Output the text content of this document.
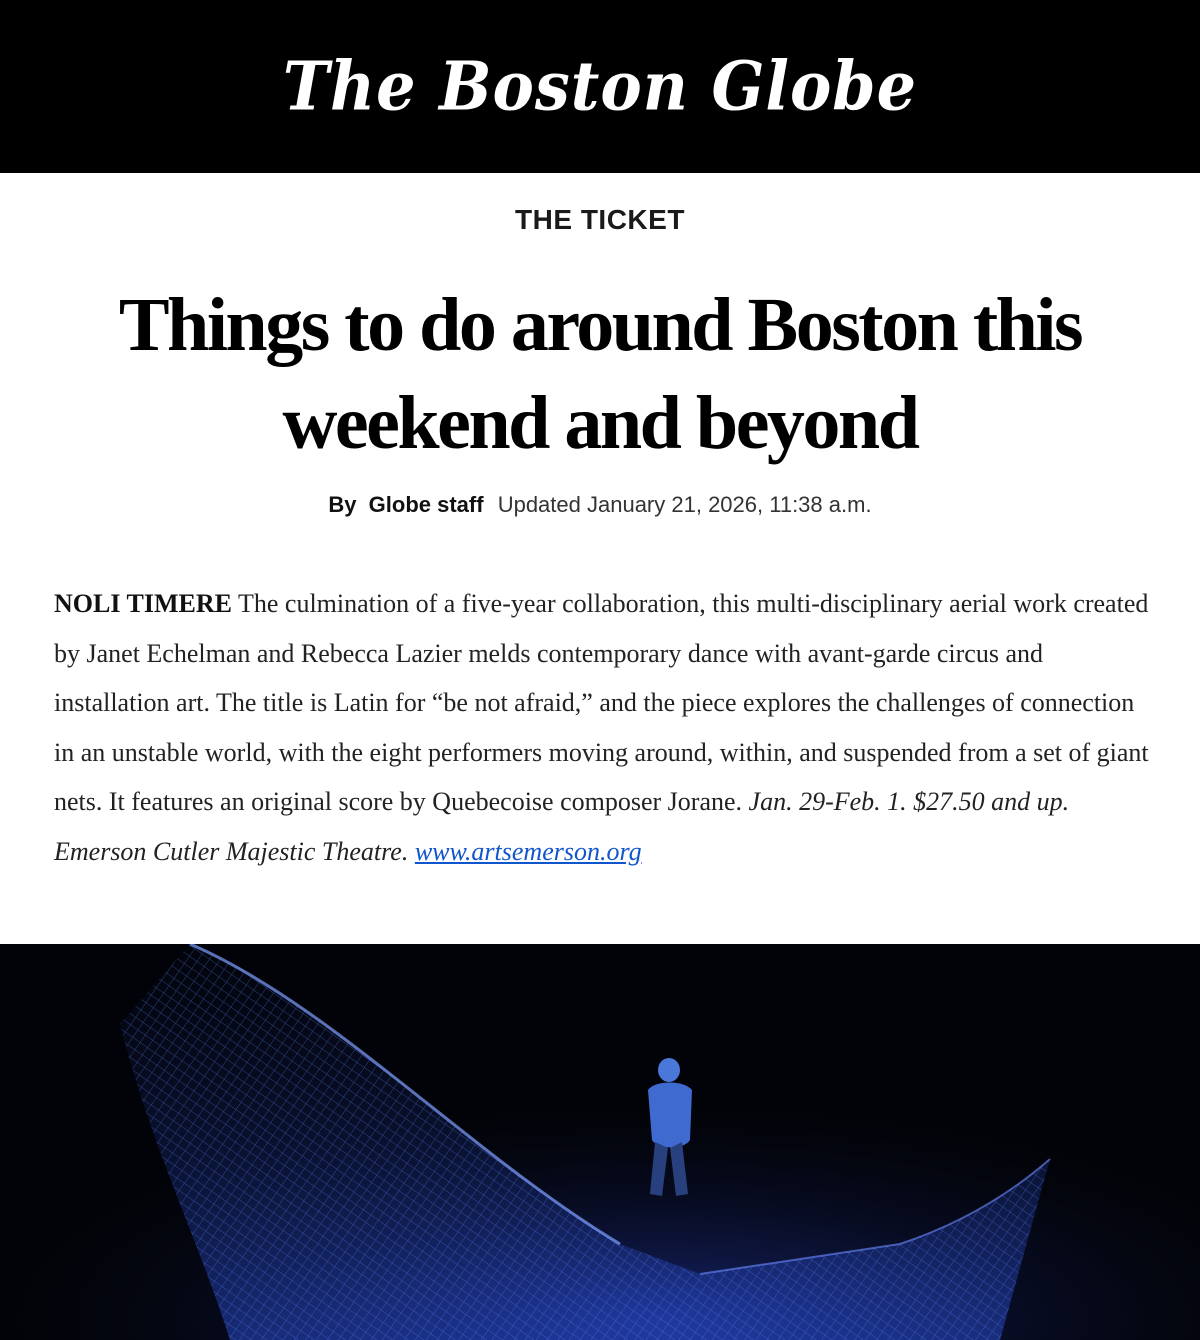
The Boston Globe
THE TICKET
Things to do around Boston this weekend and beyond
By Globe staff Updated January 21, 2026, 11:38 a.m.

NOLI TIMERE The culmination of a five-year collaboration, this multi-disciplinary aerial work created by Janet Echelman and Rebecca Lazier melds contemporary dance with avant-garde circus and installation art. The title is Latin for “be not afraid,” and the piece explores the challenges of connection in an unstable world, with the eight performers moving around, within, and suspended from a set of giant nets. It features an original score by Quebecoise composer Jorane. Jan. 29-Feb. 1. $27.50 and up. Emerson Cutler Majestic Theatre. www.artsemerson.org
